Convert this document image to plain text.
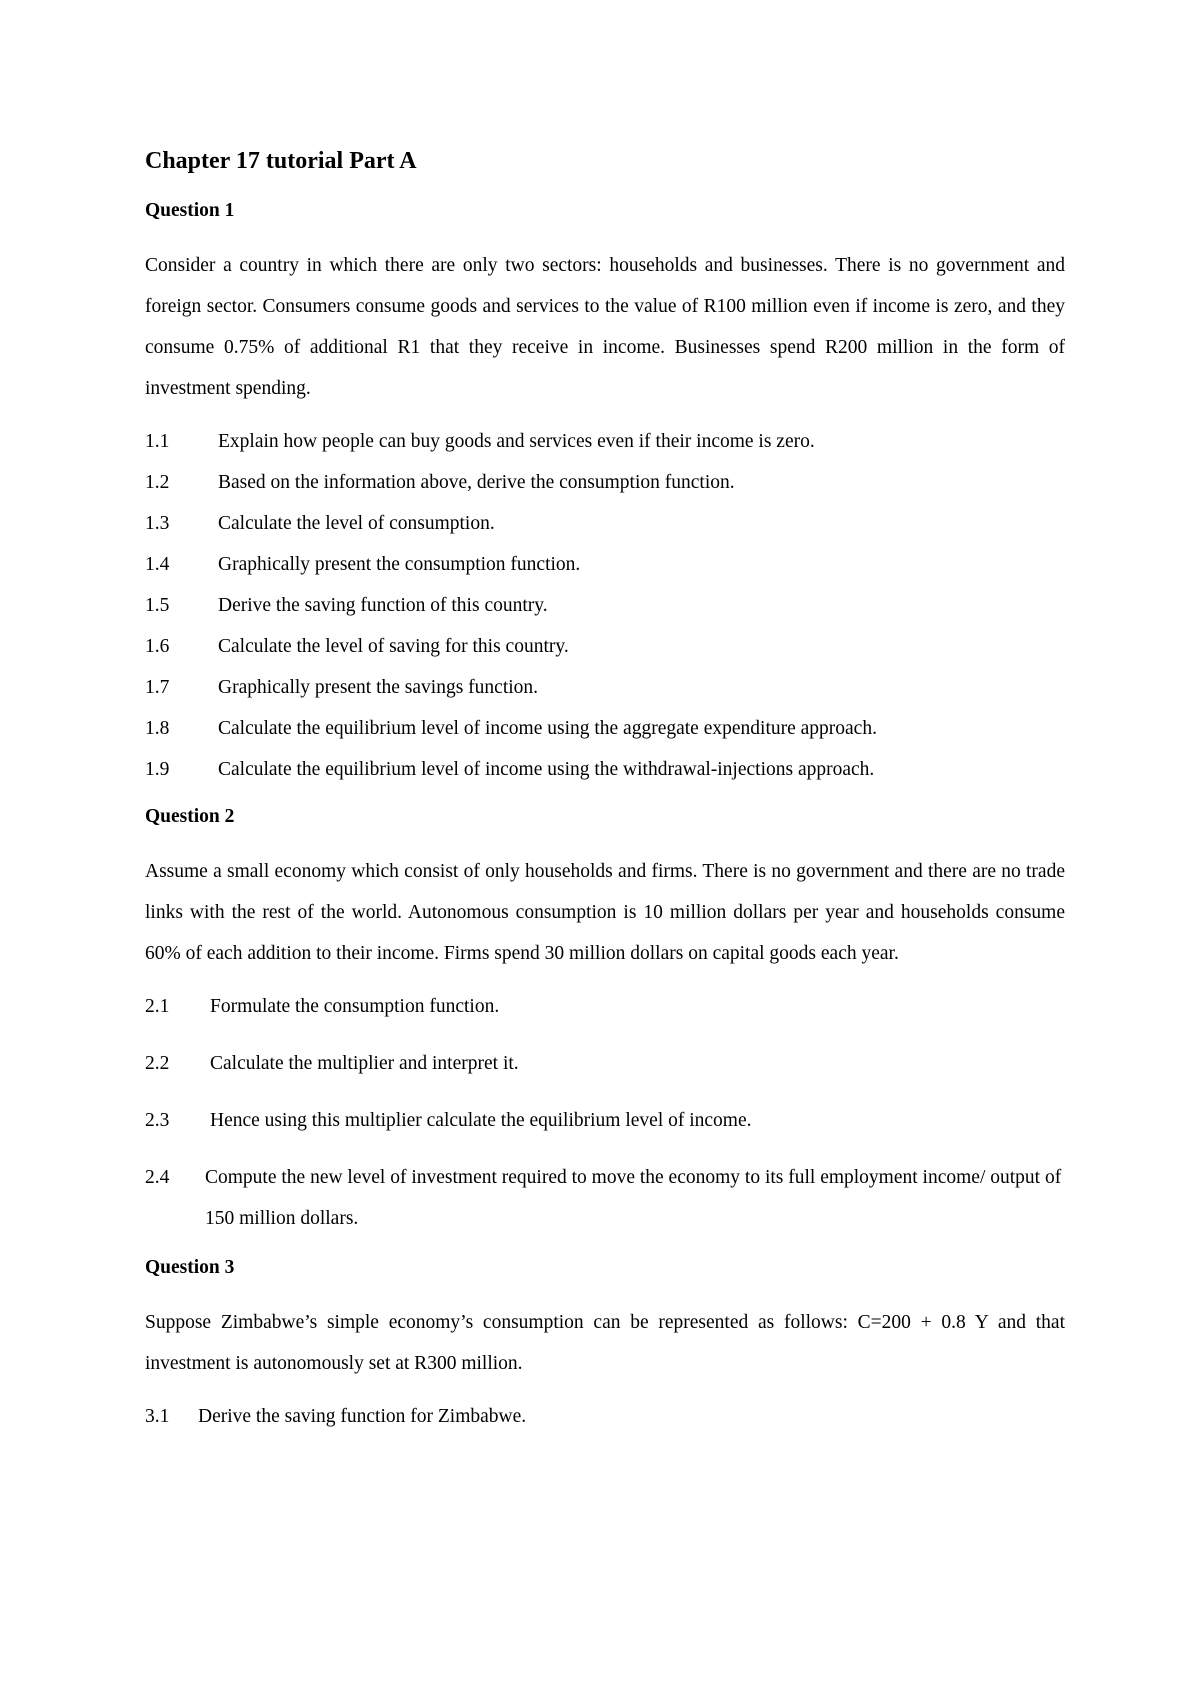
Chapter 17 tutorial Part A
Question 1

Consider a country in which there are only two sectors: households and businesses. There is no government and foreign sector. Consumers consume goods and services to the value of R100 million even if income is zero, and they consume 0.75% of additional R1 that they receive in income. Businesses spend R200 million in the form of investment spending.

1.1	Explain how people can buy goods and services even if their income is zero.
1.2	Based on the information above, derive the consumption function.
1.3	Calculate the level of consumption.
1.4	Graphically present the consumption function.
1.5	Derive the saving function of this country.
1.6	Calculate the level of saving for this country.
1.7	Graphically present the savings function.
1.8	Calculate the equilibrium level of income using the aggregate expenditure approach.
1.9	Calculate the equilibrium level of income using the withdrawal-injections approach.
Question 2

Assume a small economy which consist of only households and firms. There is no government and there are no trade links with the rest of the world. Autonomous consumption is 10 million dollars per year and households consume 60% of each addition to their income. Firms spend 30 million dollars on capital goods each year.

2.1	Formulate the consumption function.
2.2	Calculate the multiplier and interpret it.
2.3	Hence using this multiplier calculate the equilibrium level of income.
2.4	Compute the new level of investment required to move the economy to its full employment income/ output of 150 million dollars.
Question 3

Suppose Zimbabwe’s simple economy’s consumption can be represented as follows: C=200 + 0.8 Y and that investment is autonomously set at R300 million.

3.1	Derive the saving function for Zimbabwe.
